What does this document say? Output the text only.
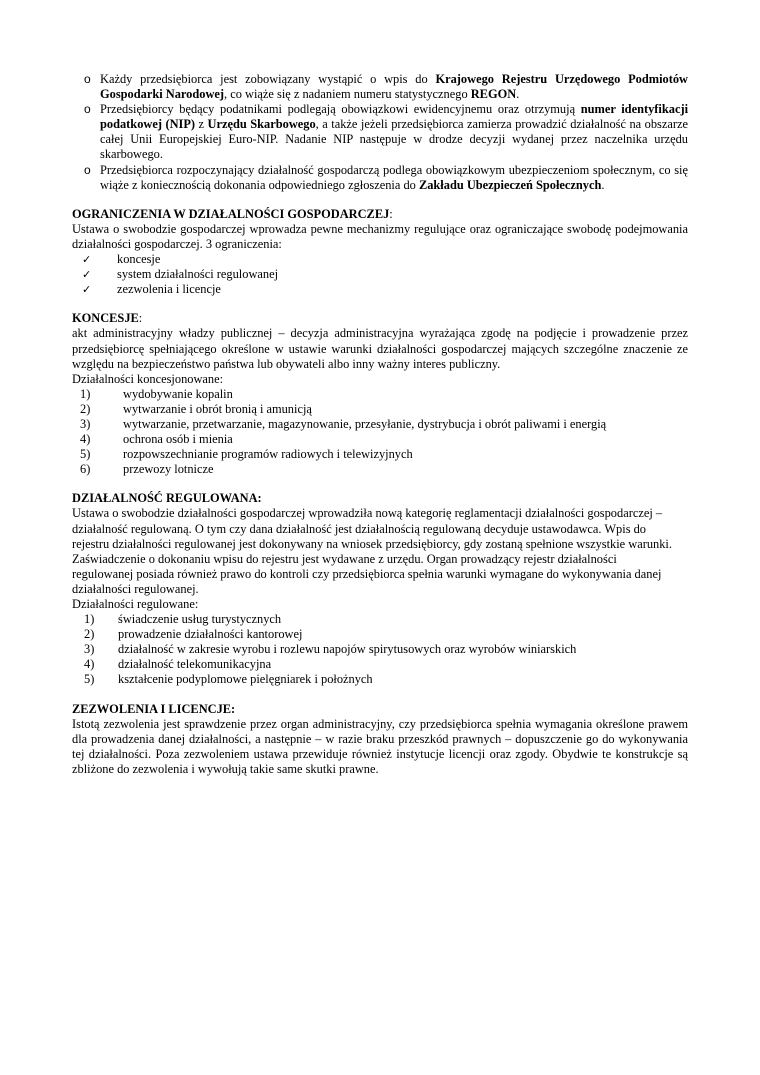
o Każdy przedsiębiorca jest zobowiązany wystąpić o wpis do Krajowego Rejestru Urzędowego Podmiotów Gospodarki Narodowej, co wiąże się z nadaniem numeru statystycznego REGON.
o Przedsiębiorcy będący podatnikami podlegają obowiązkowi ewidencyjnemu oraz otrzymują numer identyfikacji podatkowej (NIP) z Urzędu Skarbowego, a także jeżeli przedsiębiorca zamierza prowadzić działalność na obszarze całej Unii Europejskiej Euro-NIP. Nadanie NIP następuje w drodze decyzji wydanej przez naczelnika urzędu skarbowego.
o Przedsiębiorca rozpoczynający działalność gospodarczą podlega obowiązkowym ubezpieczeniom społecznym, co się wiąże z koniecznością dokonania odpowiedniego zgłoszenia do Zakładu Ubezpieczeń Społecznych.

OGRANICZENIA W DZIAŁALNOŚCI GOSPODARCZEJ:

Ustawa o swobodzie gospodarczej wprowadza pewne mechanizmy regulujące oraz ograniczające swobodę podejmowania działalności gospodarczej. 3 ograniczenia:

✓ koncesje
✓ system działalności regulowanej
✓ zezwolenia i licencje

KONCESJE:

akt administracyjny władzy publicznej – decyzja administracyjna wyrażająca zgodę na podjęcie i prowadzenie przez przedsiębiorcę spełniającego określone w ustawie warunki działalności gospodarczej mających szczególne znaczenie ze względu na bezpieczeństwo państwa lub obywateli albo inny ważny interes publiczny.

Działalności koncesjonowane:

1)	wydobywanie kopalin
2)	wytwarzanie i obrót bronią i amunicją
3)	wytwarzanie, przetwarzanie, magazynowanie, przesyłanie, dystrybucja i obrót paliwami i energią
4)	ochrona osób i mienia
5)	rozpowszechnianie programów radiowych i telewizyjnych
6)	przewozy lotnicze

DZIAŁALNOŚĆ REGULOWANA:

Ustawa o swobodzie działalności gospodarczej wprowadziła nową kategorię reglamentacji działalności gospodarczej –

działalność regulowaną. O tym czy dana działalność jest działalnością regulowaną decyduje ustawodawca. Wpis do

rejestru działalności regulowanej jest dokonywany na wniosek przedsiębiorcy, gdy zostaną spełnione wszystkie warunki.

Zaświadczenie o dokonaniu wpisu do rejestru jest wydawane z urzędu. Organ prowadzący rejestr działalności

regulowanej posiada również prawo do kontroli czy przedsiębiorca spełnia warunki wymagane do wykonywania danej

działalności regulowanej.

Działalności regulowane:

1) świadczenie usług turystycznych
2) prowadzenie działalności kantorowej
3) działalność w zakresie wyrobu i rozlewu napojów spirytusowych oraz wyrobów winiarskich
4) działalność telekomunikacyjna
5) kształcenie podyplomowe pielęgniarek i położnych

ZEZWOLENIA I LICENCJE:

Istotą zezwolenia jest sprawdzenie przez organ administracyjny, czy przedsiębiorca spełnia wymagania określone prawem dla prowadzenia danej działalności, a następnie – w razie braku przeszkód prawnych – dopuszczenie go do wykonywania tej działalności. Poza zezwoleniem ustawa przewiduje również instytucje licencji oraz zgody. Obydwie te konstrukcje są zbliżone do zezwolenia i wywołują takie same skutki prawne.
